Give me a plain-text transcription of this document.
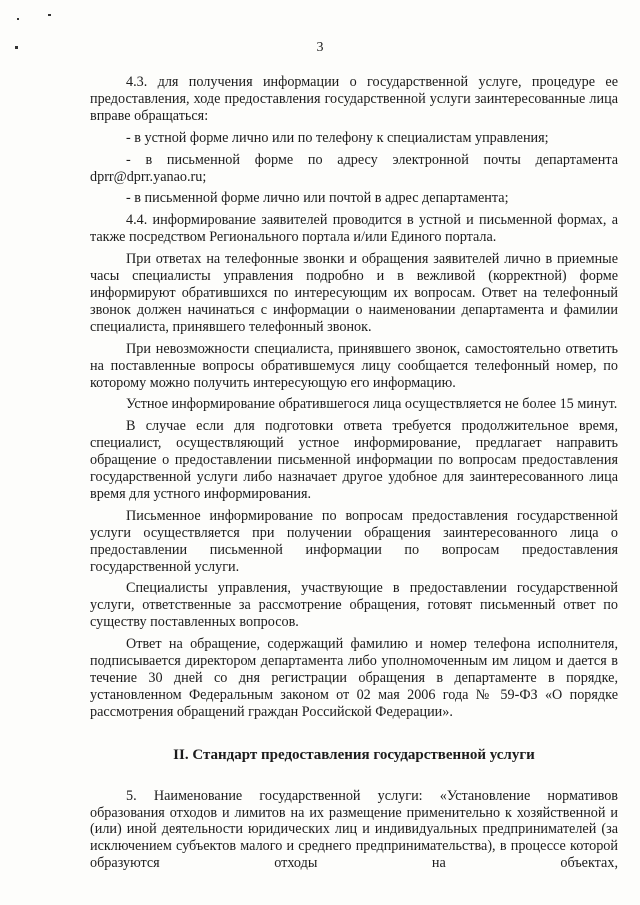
3

4.3. для получения информации о государственной услуге, процедуре ее предоставления, ходе предоставления государственной услуги заинтересованные лица вправе обращаться:

- в устной форме лично или по телефону к специалистам управления;

- в письменной форме по адресу электронной почты департамента dprr@dprr.yanao.ru;

- в письменной форме лично или почтой в адрес департамента;

4.4. информирование заявителей проводится в устной и письменной формах, а также посредством Регионального портала и/или Единого портала.

При ответах на телефонные звонки и обращения заявителей лично в приемные часы специалисты управления подробно и в вежливой (корректной) форме информируют обратившихся по интересующим их вопросам. Ответ на телефонный звонок должен начинаться с информации о наименовании департамента и фамилии специалиста, принявшего телефонный звонок.

При невозможности специалиста, принявшего звонок, самостоятельно ответить на поставленные вопросы обратившемуся лицу сообщается телефонный номер, по которому можно получить интересующую его информацию.

Устное информирование обратившегося лица осуществляется не более 15 минут.

В случае если для подготовки ответа требуется продолжительное время, специалист, осуществляющий устное информирование, предлагает направить обращение о предоставлении письменной информации по вопросам предоставления государственной услуги либо назначает другое удобное для заинтересованного лица время для устного информирования.

Письменное информирование по вопросам предоставления государственной услуги осуществляется при получении обращения заинтересованного лица о предоставлении письменной информации по вопросам предоставления государственной услуги.

Специалисты управления, участвующие в предоставлении государственной услуги, ответственные за рассмотрение обращения, готовят письменный ответ по существу поставленных вопросов.

Ответ на обращение, содержащий фамилию и номер телефона исполнителя, подписывается директором департамента либо уполномоченным им лицом и дается в течение 30 дней со дня регистрации обращения в департаменте в порядке, установленном Федеральным законом от 02 мая 2006 года № 59-ФЗ «О порядке рассмотрения обращений граждан Российской Федерации».

II. Стандарт предоставления государственной услуги

5. Наименование государственной услуги: «Установление нормативов образования отходов и лимитов на их размещение применительно к хозяйственной и (или) иной деятельности юридических лиц и индивидуальных предпринимателей (за исключением субъектов малого и среднего предпринимательства), в процессе которой образуются отходы на объектах,
